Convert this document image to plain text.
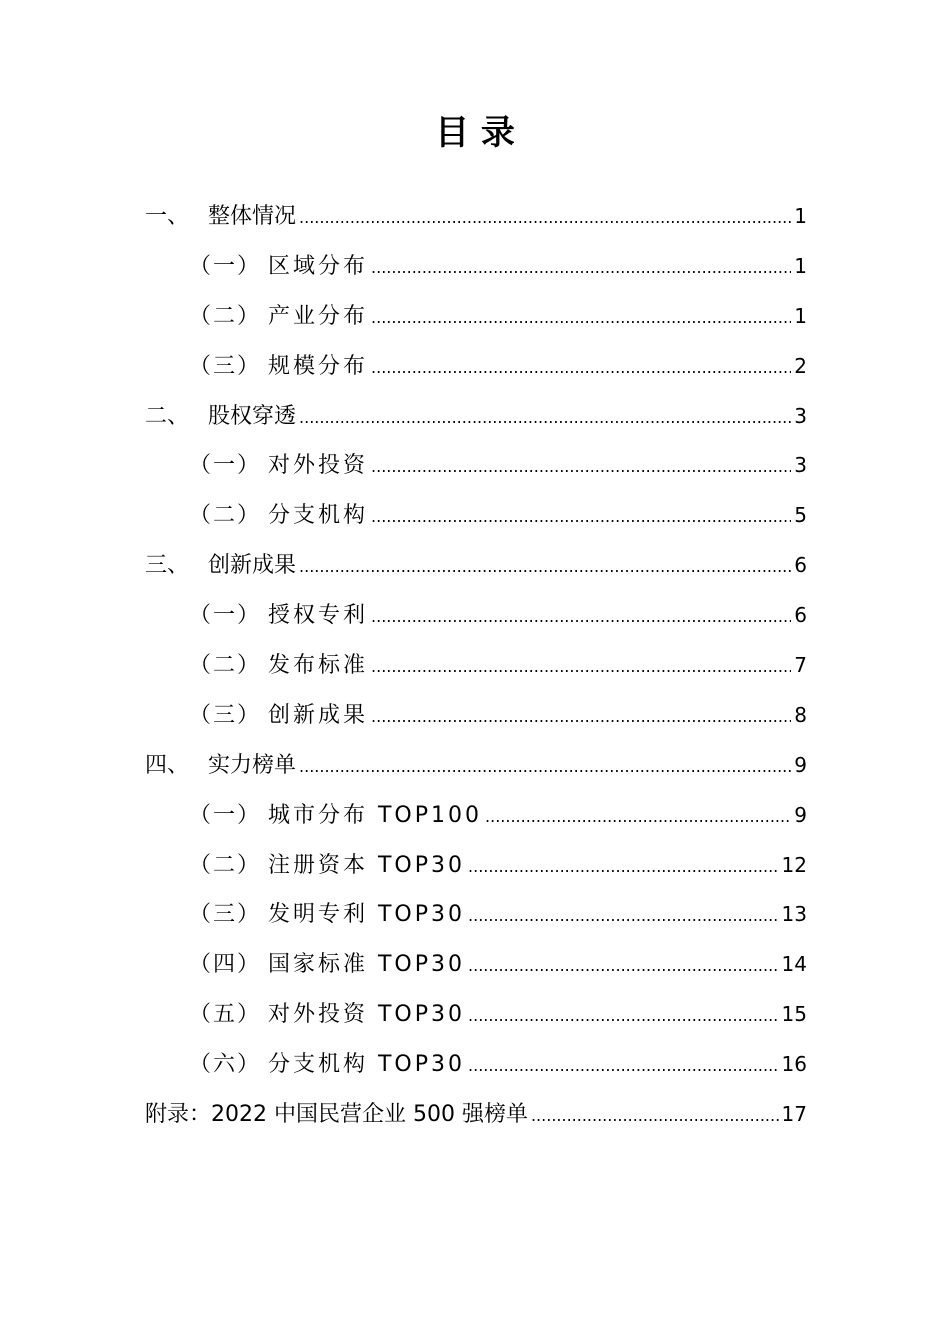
目 录
一、 整体情况 .....	1
（一） 区域分布 .....	1
（二） 产业分布 .....	1
（三） 规模分布 .....	2
二、 股权穿透 .....	3
（一） 对外投资 .....	3
（二） 分支机构 .....	5
三、 创新成果 .....	6
（一） 授权专利 .....	6
（二） 发布标准 .....	7
（三） 创新成果 .....	8
四、 实力榜单 .....	9
（一） 城市分布 TOP100 .....	9
（二） 注册资本 TOP30 .....	12
（三） 发明专利 TOP30 .....	13
（四） 国家标准 TOP30 .....	14
（五） 对外投资 TOP30 .....	15
（六） 分支机构 TOP30 .....	16
附录：2022 中国民营企业 500 强榜单 .....	17
